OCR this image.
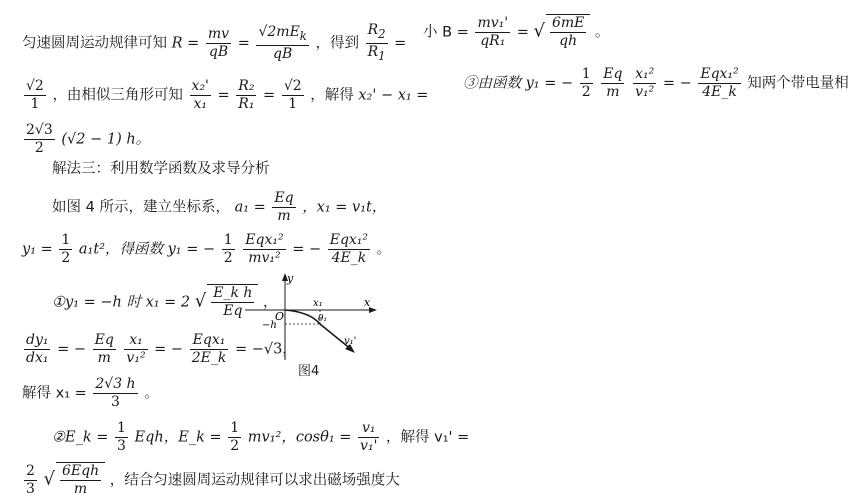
匀速圆周运动规律可知 $R = \frac{mv}{qB} = \frac{√2mE_k}{qB}$ ，得到 $\frac{R_2}{R_1}$ =
$\frac{√2}{1}$ ，由相似三角形可知 $\frac{\text{x₂'}}{\text{x₁}} = \frac{\text{R₂}}{\text{R₁}} = \frac{√2}{1}$ ，解得 x₂' − x₁ =
$\frac{2√3}{2} (√2 - 1)$ h。
解法三：利用数学函数及求导分析
如图 4 所示，建立坐标系， $a_1 = \frac{Eq}{m}$ ，x₁ = v₁t，
$y_1 = \frac{1}{2} a_1t^2$，得函数 y₁ = − $\frac{1}{2}$
$\frac{\text{Eqx₁²}}{\text{mv₁²}}$ = − $\frac{\text{Eqx₁²}}{4E\_k}$ 。
①y₁ = −h 时 x₁ = 2 √ $\frac{\text{E\_k h}}{Eq}$ ，
$\frac{\text{dy₁}}{\text{dx₁}}$ = − $\frac{Eq}{m}$
$\frac{\text{x₁}}{\text{v₁²}}$ = − $\frac{\text{Eqx₁}}{2E\_k} = -√3$，
解得 $x_1 = \frac{2√3 h}{3}$ 。
②E_k = $\frac{1}{3}$ Eqh，E_k = $\frac{1}{2} mv_1^2$，$\cos\theta_1 = \frac{\text{v₁}}{\text{v₁'}}$ ，解得 v₁' =
$\frac{2}{3}$ √ $\frac{\text{6Eqh}}{m}$ ，结合匀速圆周运动规律可以求出磁场强度大
y
x
O
−h
x₁
θ₁
v₁'
图4
小 $B = \frac{\text{mv₁'}}{\text{qR₁}}$ = √ $\frac{6mE}{qh}$ 。
③由函数 y₁ = − $\frac{1}{2}$
$\frac{Eq}{m}$
$\frac{\text{x₁²}}{\text{v₁²}}$ = − $\frac{\text{Eqx₁²}}{4E\_k}$ 知两个带电量相
